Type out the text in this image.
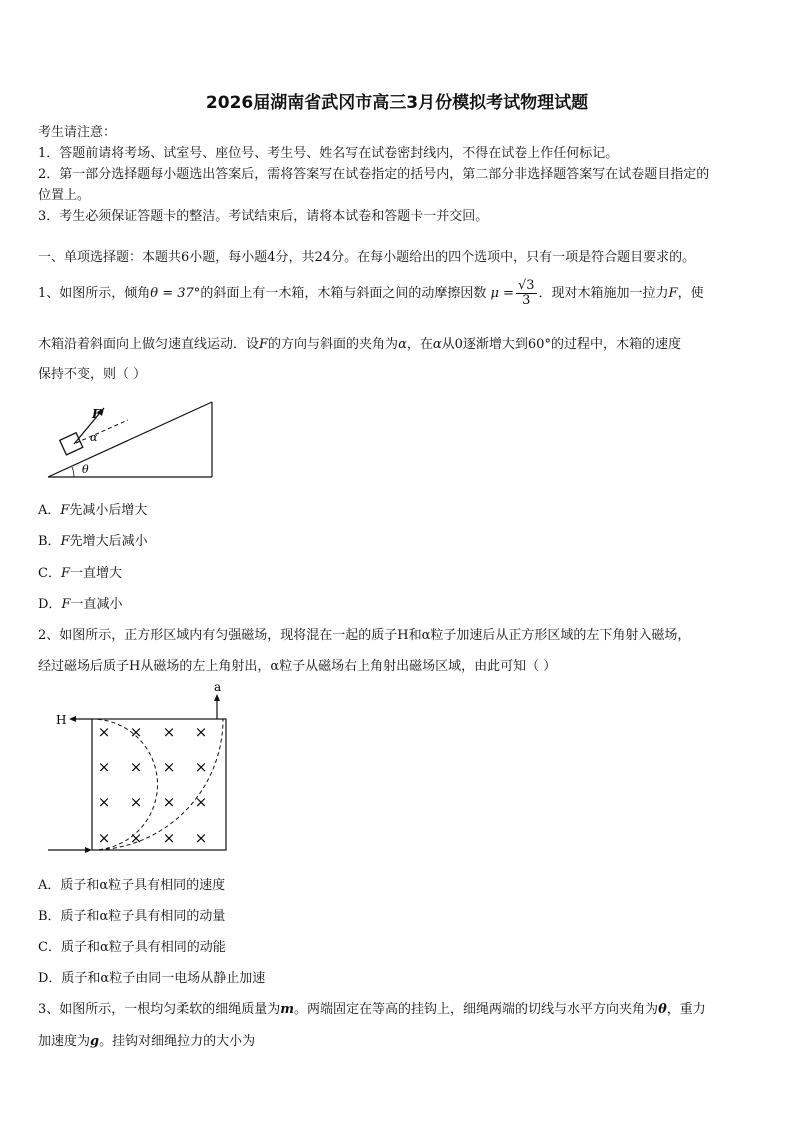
2026届湖南省武冈市高三3月份模拟考试物理试题
考生请注意：
1．答题前请将考场、试室号、座位号、考生号、姓名写在试卷密封线内，不得在试卷上作任何标记。
2．第一部分选择题每小题选出答案后，需将答案写在试卷指定的括号内，第二部分非选择题答案写在试卷题目指定的
位置上。
3．考生必须保证答题卡的整洁。考试结束后，请将本试卷和答题卡一并交回。
一、单项选择题：本题共6小题，每小题4分，共24分。在每小题给出的四个选项中，只有一项是符合题目要求的。
1、如图所示，倾角θ = 37°的斜面上有一木箱，木箱与斜面之间的动摩擦因数 $\mu = \frac{√3}{3}$ ．现对木箱施加一拉力F，使
木箱沿着斜面向上做匀速直线运动．设F的方向与斜面的夹角为α，在α从0逐渐增大到60°的过程中，木箱的速度
保持不变，则（ ）
F
α
θ
A．F先减小后增大
B．F先增大后减小
C．F一直增大
D．F一直减小
2、如图所示，正方形区域内有匀强磁场，现将混在一起的质子H和α粒子加速后从正方形区域的左下角射入磁场，
经过磁场后质子H从磁场的左上角射出，α粒子从磁场右上角射出磁场区域，由此可知（ ）
× × × ×
× × × ×
× × × ×
× × × ×
H
a
A．质子和α粒子具有相同的速度
B．质子和α粒子具有相同的动量
C．质子和α粒子具有相同的动能
D．质子和α粒子由同一电场从静止加速
3、如图所示，一根均匀柔软的细绳质量为m。两端固定在等高的挂钩上，细绳两端的切线与水平方向夹角为θ，重力
加速度为g。挂钩对细绳拉力的大小为
